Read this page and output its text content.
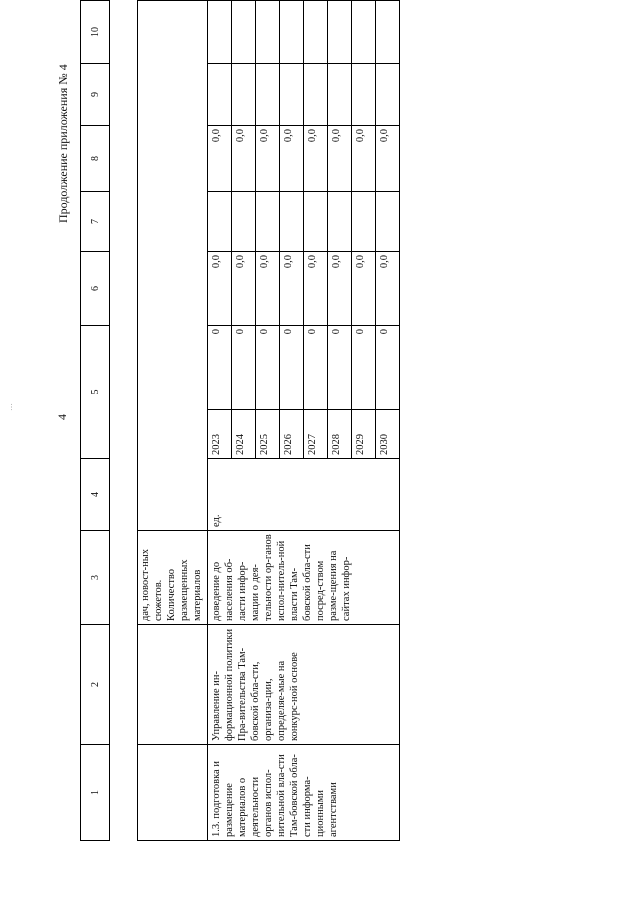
…
4
Продолжение приложения № 4
1	2	3	4	5	6	7	8	9	10
		дач, новост-ных сюжетов. Количество размещенных материалов								
1.3. подготовка и размещение материалов о деятельности органов испол-нительной вла-сти Там-бовской обла-сти информа-ционными агентствами	Управление ин-формационной политики Пра-вительства Там-бовской обла-сти, организа-ции, определяе-мые на конкурс-ной основе	доведение до населения об-ласти инфор-мации о дея-тельности ор-ганов испол-нитель-ной власти Там-бовской обла-сти посред-ством разме-щения на сайтах инфор-	ед.	2023	0	0,0		0,0		
				2024	0	0,0		0,0		
				2025	0	0,0		0,0		
				2026	0	0,0		0,0		
				2027	0	0,0		0,0		
				2028	0	0,0		0,0		
				2029	0	0,0		0,0		
				2030	0	0,0		0,0		
